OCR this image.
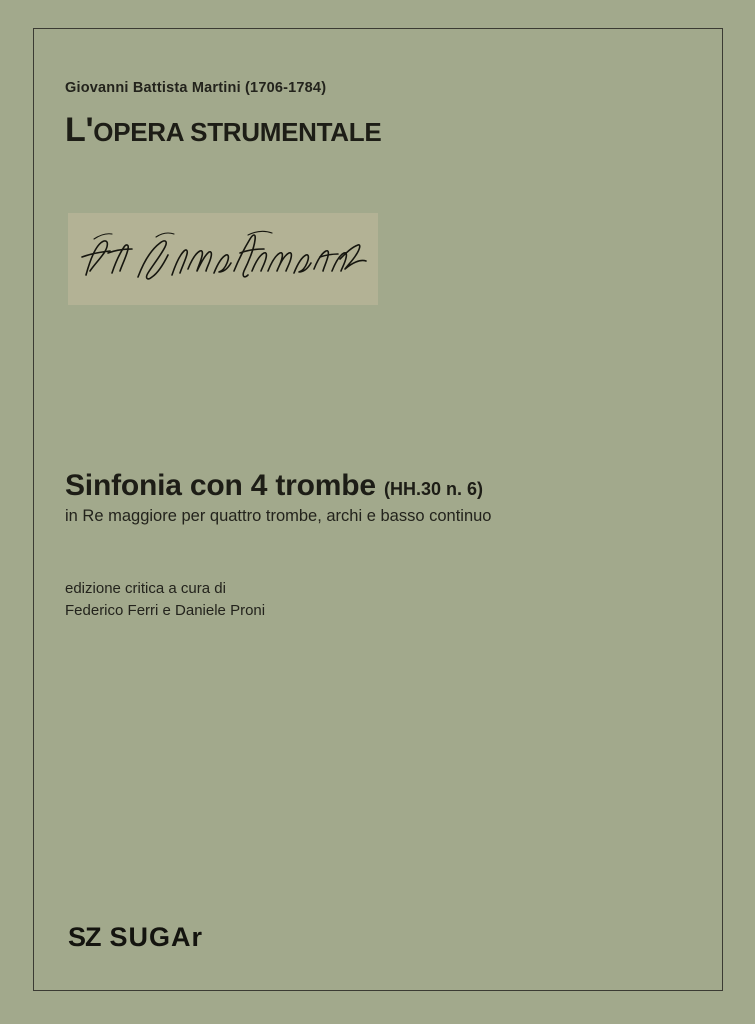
Giovanni Battista Martini (1706-1784)
L'OPERA STRUMENTALE
Sinfonia con 4 trombe (HH.30 n. 6)
in Re maggiore per quattro trombe, archi e basso continuo
edizione critica a cura di
Federico Ferri e Daniele Proni
SZ SUGAr
